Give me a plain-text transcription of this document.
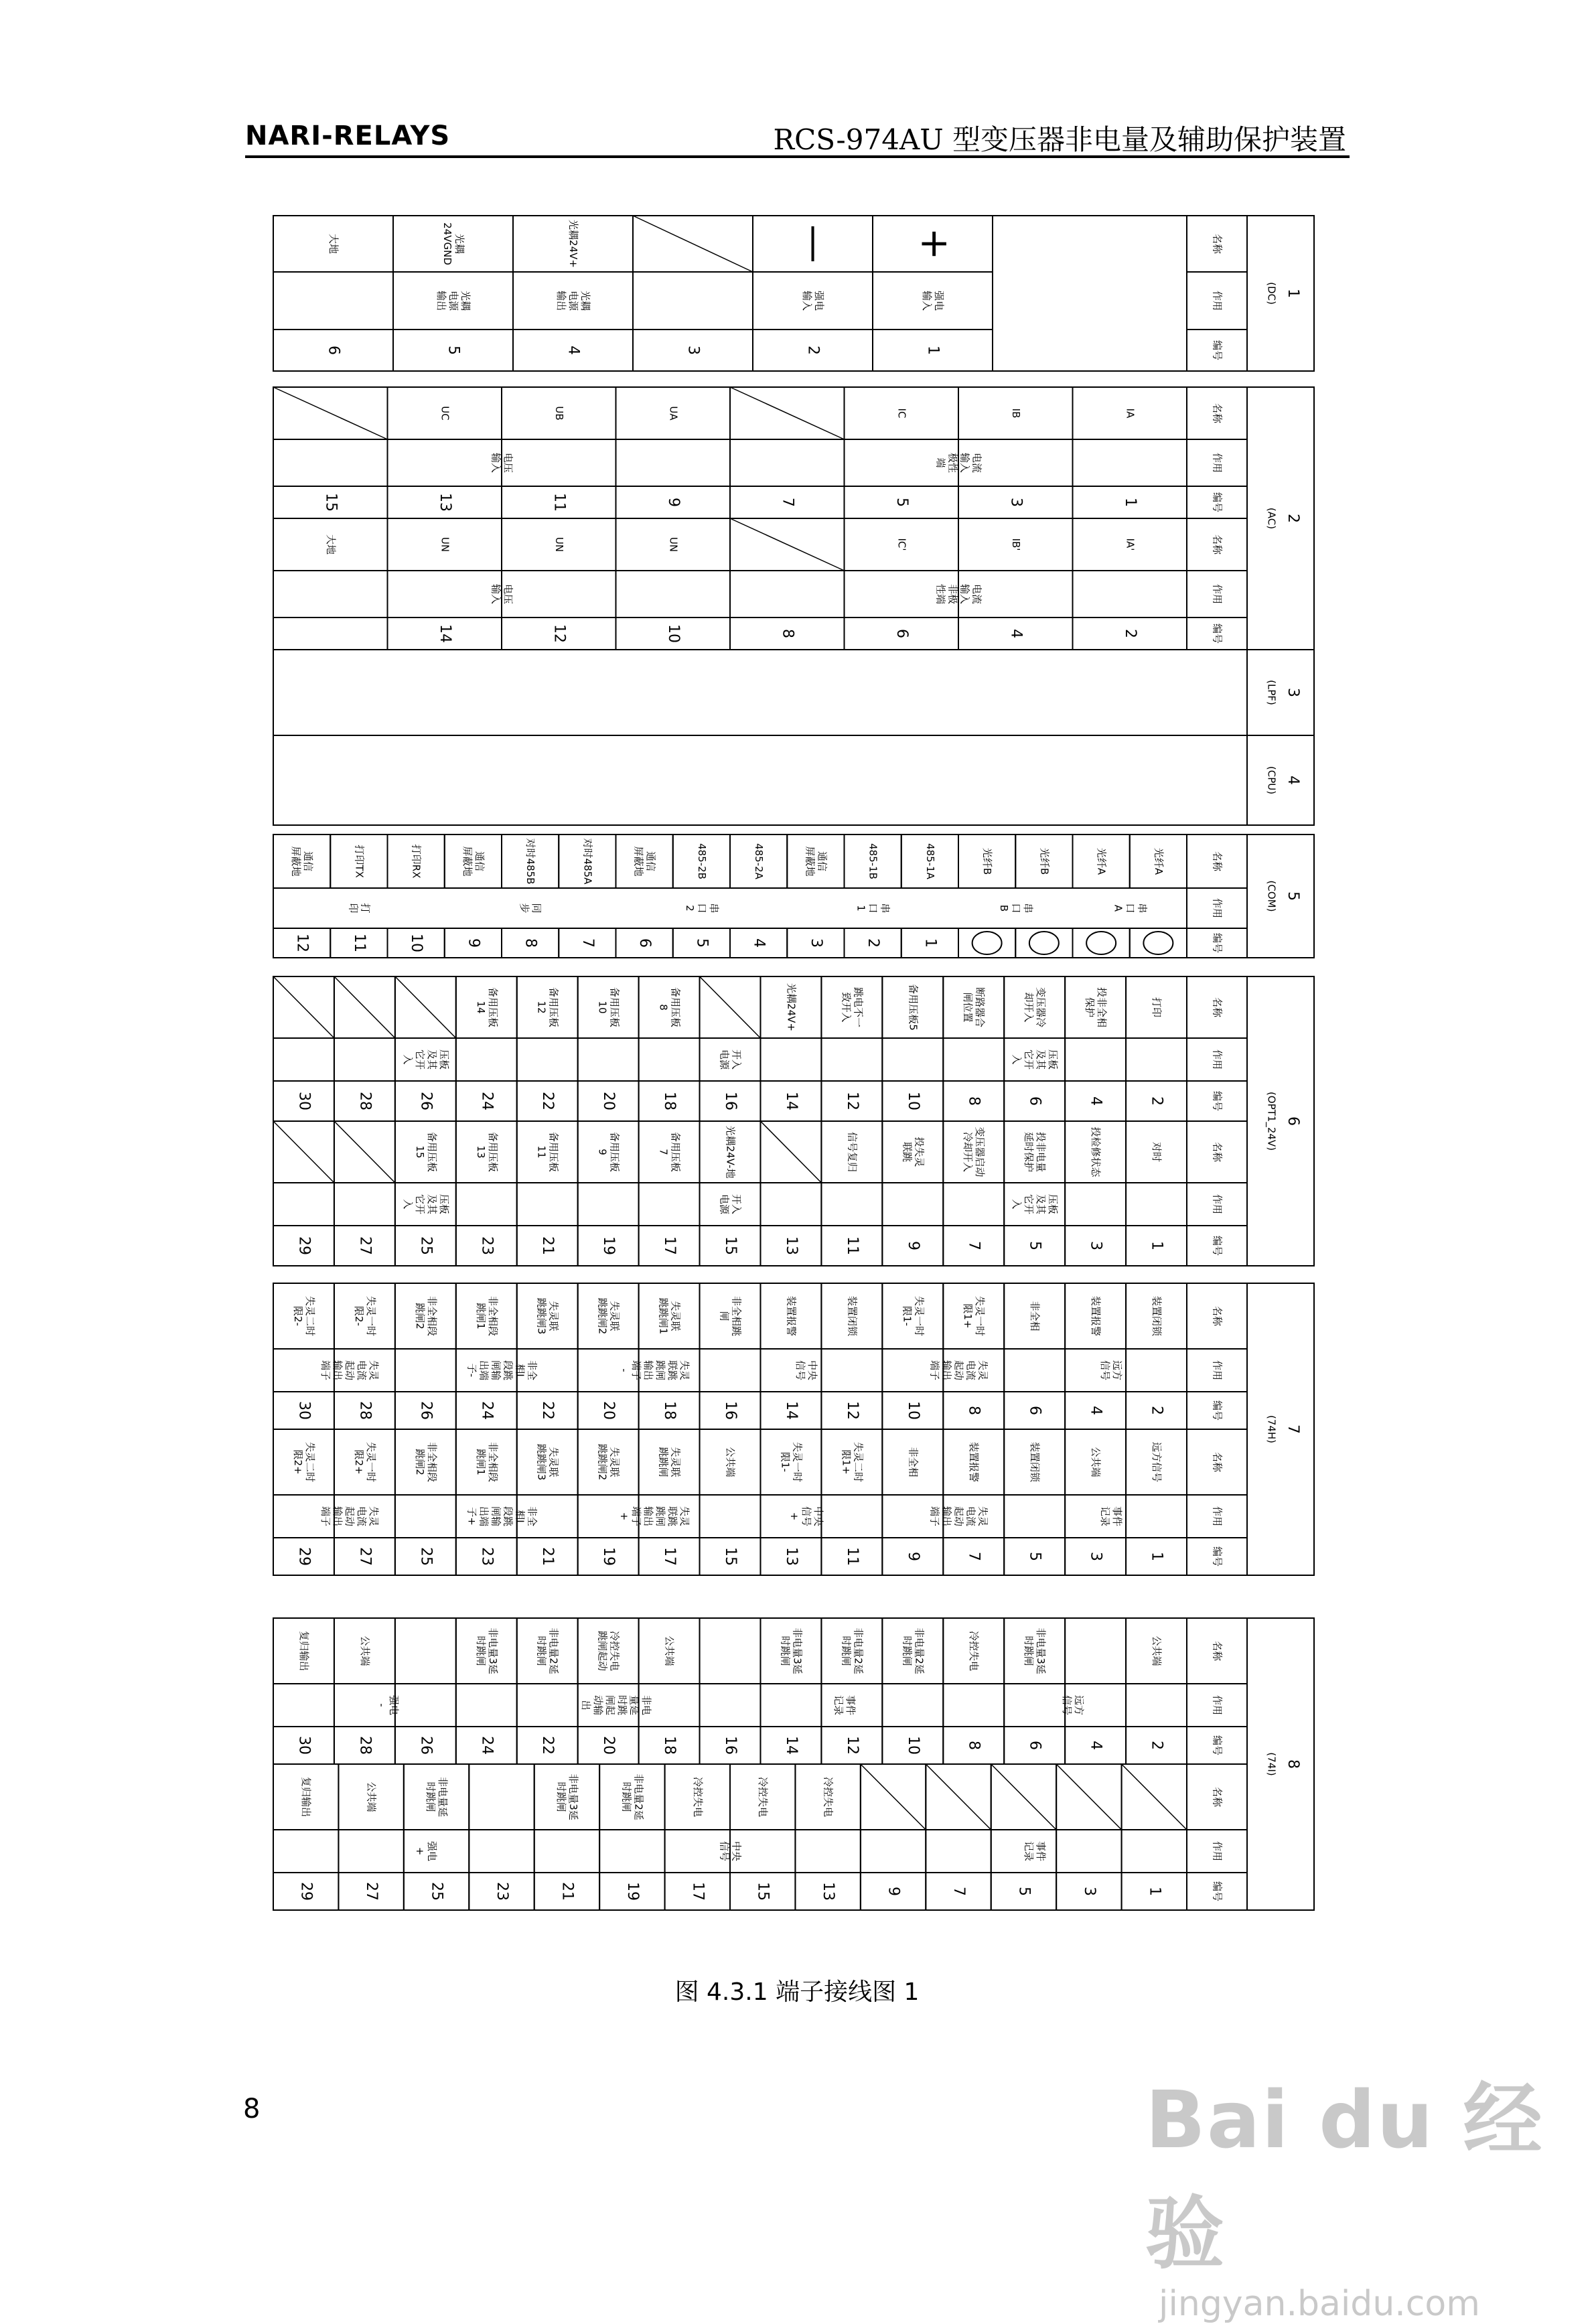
NARI-RELAYS	RCS-974AU 型变压器非电量及辅助保护装置
名称
作用
编号
+
强电
输入
1
—
强电
输入
2
3
光耦24V+
光耦
电源
输出
4
光耦
24VGND
光耦
电源
输出
5
大地
6
1
(DC)
名称
作用
编号
IA
1
IB
3
IC
5
7
UA
9
UB
11
UC
13
15
电流
输入
极性
端
电压
输入
名称
作用
编号
IA'
2
IB'
4
IC'
6
8
UN
10
UN
12
UN
14
大地
电流
输入
非极
性端
电压
输入
2
(AC)
3
(LPF)
4
(CPU)
名称
作用
编号
光纤A
光纤A
光纤B
光纤B
485-1A
1
485-1B
2
通信
屏蔽地
3
485-2A
4
485-2B
5
通信
屏蔽地
6
对时485A
7
对时485B
8
通信
屏蔽地
9
打印RX
10
打印TX
11
通信
屏蔽地
12
串
口
A
串
口
B
串
口
1
串
口
2
同
步
打
印
5
(COM)
名称
作用
编号
打印
2
投非全相
保护
4
变压器冷
却开入
6
断路器合
闸位置
8
备用压板5
10
跳电不一
致开入
12
光耦24V+
14
16
备用压板
8
18
备用压板
10
20
备用压板
12
22
备用压板
14
24
26
28
30
压板
及其
它开
入
开入
电源
压板
及其
它开
入
名称
作用
编号
对时
1
投检修状态
3
投非电量
延时保护
5
变压器启动
冷却开入
7
投失灵
联跳
9
信号复归
11
13
光耦24V-地
15
备用压板
7
17
备用压板
9
19
备用压板
11
21
备用压板
13
23
备用压板
15
25
27
29
压板
及其
它开
入
开入
电源
压板
及其
它开
入
6
(OPT1_24V)
名称
作用
编号
装置闭锁
2
装置报警
4
非全相
6
失灵一时
限1+
8
失灵一时
限1-
10
装置闭锁
12
装置报警
14
非全相跳
闸
16
失灵联
跳跳闸1
18
失灵联
跳跳闸2
20
失灵联
跳跳闸3
22
非全相段
跳闸1
24
非全相段
跳闸2
26
失灵一时
限2-
28
失灵二时
限2-
30
远方
信号
失灵
电流
起动
输出
端子
中央
信号
失灵
联跳
跳闸
输出
端子
-
非全
相I
段跳
闸输
出端
子-
失灵
电流
起动
输出
端子
名称
作用
编号
远方信号
1
公共端
3
装置闭锁
5
装置报警
7
非全相
9
失灵二时
限1+
11
失灵一时
限1-
13
公共端
15
失灵联
跳跳闸
17
失灵联
跳跳闸2
19
失灵联
跳跳闸3
21
非全相段
跳闸1
23
非全相段
跳闸2
25
失灵一时
限2+
27
失灵二时
限2+
29
事件
记录
失灵
电流
起动
输出
端子
中央
信号
+
失灵
联跳
跳闸
输出
端子
+
非全
相I
段跳
闸输
出端
子+
失灵
电流
起动
输出
端子
7
(74H)
名称
作用
编号
公共端
2
4
非电量3延
时跳闸
6
冷控失电
8
非电量2延
时跳闸
10
非电量2延
时跳闸
12
非电量3延
时跳闸
14
16
公共端
18
冷控失电
跳闸起动
20
非电量2延
时跳闸
22
非电量3延
时跳闸
24
26
公共端
28
复归输出
30
远方
信号
事件
记录
非电
量延
时跳
闸起
动输
出
强电
-
名称
作用
编号
1
3
5
7
9
冷控失电
13
冷控失电
15
冷控失电
17
非电量2延
时跳闸
19
非电量3延
时跳闸
21
23
非电量延
时跳闸
25
公共端
27
复归输出
29
事件
记录
中央
信号
强电
+
8
(74I)
图 4.3.1 端子接线图 1
8	Bai du 经验
jingyan.baidu.com
